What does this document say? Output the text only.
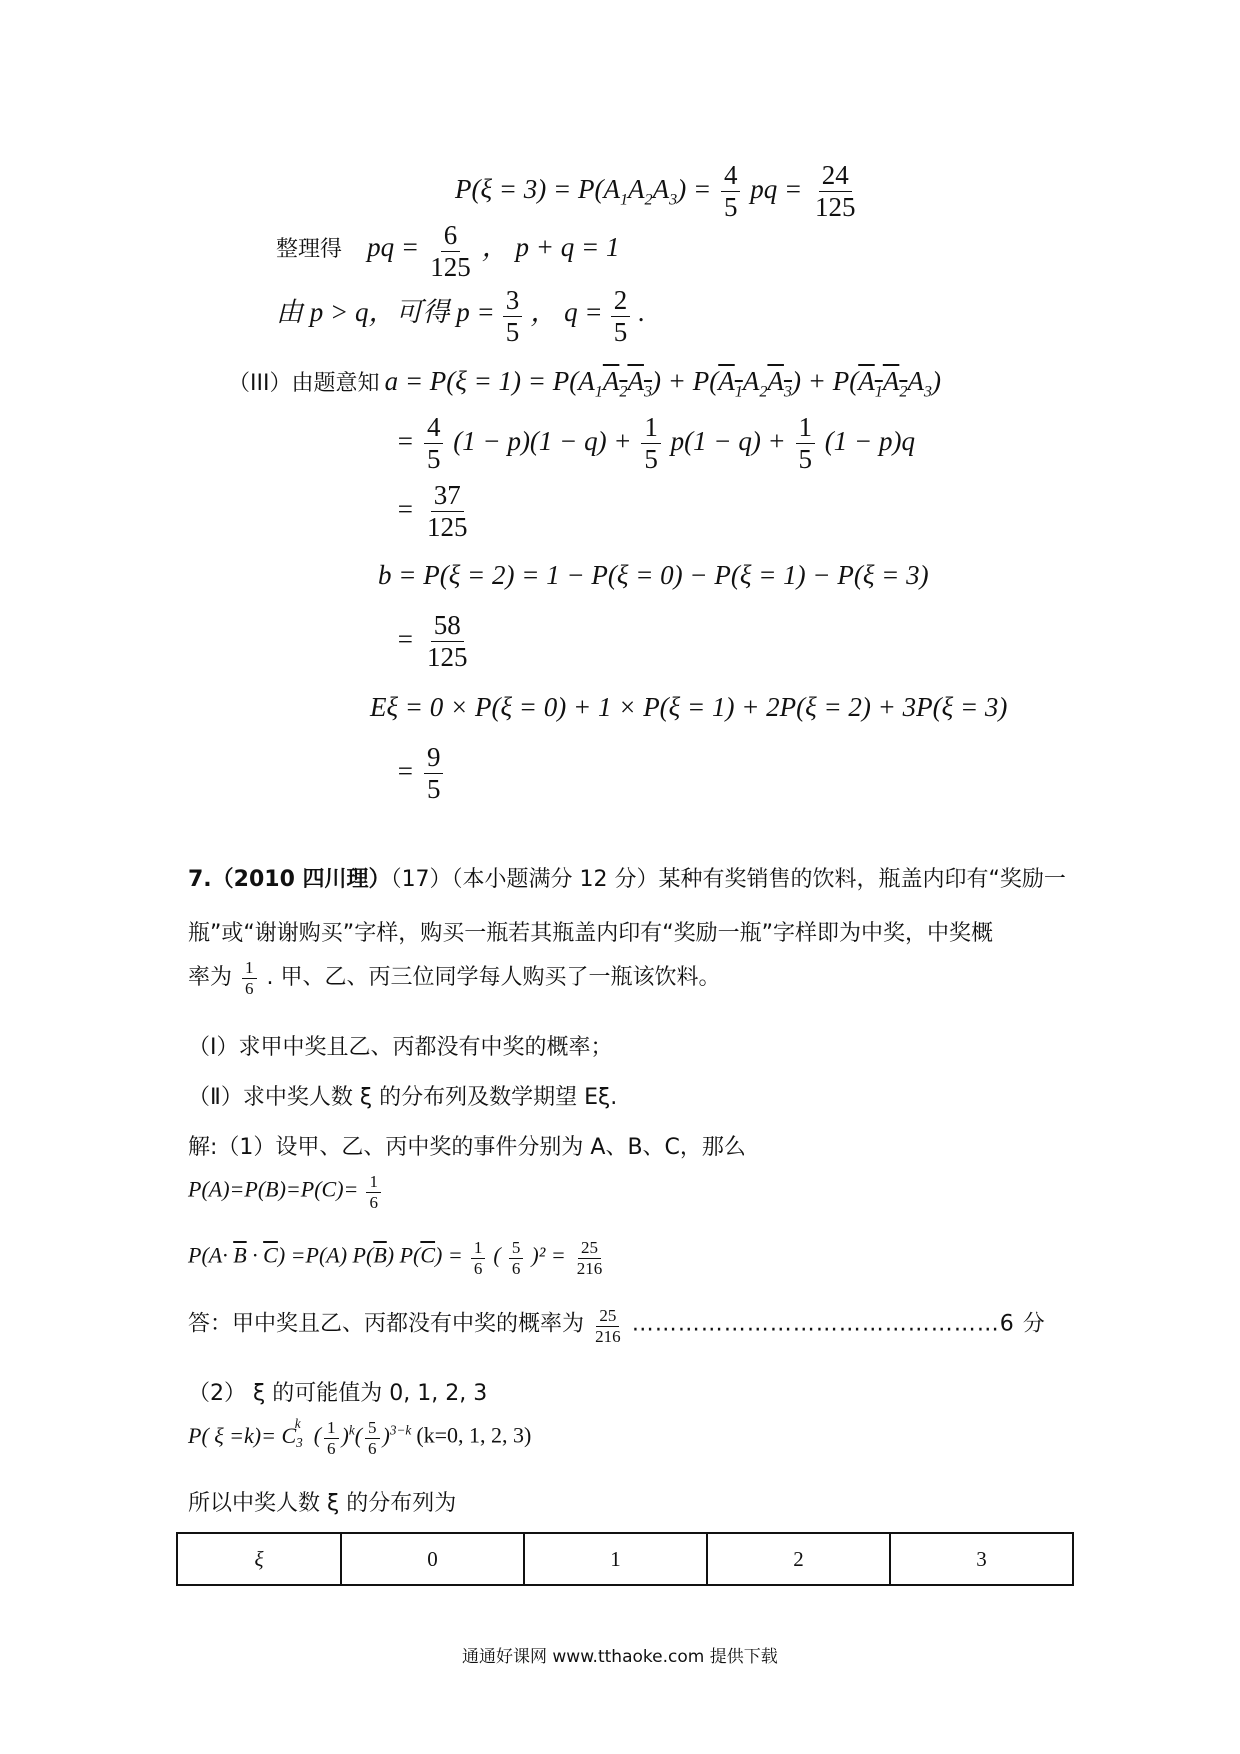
$P(\xi = 3) = P(A_1A_2A_3) = \frac{4}{5}$ pq = $\frac{24}{125}$
整理得 pq = $\frac{6}{125}$ ， p + q = 1
由 p > q，可得 $p = \frac{3}{5}$ ， $q = \frac{2}{5}$ .
（III）由题意知 $a = P(\xi = 1) = P(A_1A_2A_3) + P(A_1A_2A_3) + P(A_1A_2A_3)$
= $\frac{4}{5} (1 - p)(1 - q) + \frac{1}{5} p(1 - q) + \frac{1}{5} (1 - p)q$
= $\frac{37}{125}$
b = P(ξ = 2) = 1 − P(ξ = 0) − P(ξ = 1) − P(ξ = 3)
= $\frac{58}{125}$
Eξ = 0 × P(ξ = 0) + 1 × P(ξ = 1) + 2P(ξ = 2) + 3P(ξ = 3)
= $\frac{9}{5}$
7.（2010 四川理）（17）（本小题满分 12 分）某种有奖销售的饮料，瓶盖内印有“奖励一
瓶”或“谢谢购买”字样，购买一瓶若其瓶盖内印有“奖励一瓶”字样即为中奖，中奖概
率为 $\frac{1}{6}$ . 甲、乙、丙三位同学每人购买了一瓶该饮料。
（Ⅰ）求甲中奖且乙、丙都没有中奖的概率；
（Ⅱ）求中奖人数 ξ 的分布列及数学期望 Eξ.
解:（1）设甲、乙、丙中奖的事件分别为 A、B、C，那么
$P(A)=P(B)=P(C)= \frac{1}{6}$
$P(A\cdot \overline{B} \cdot \overline{C}) =P(A)$ $P(\overline{B}) P(\overline{C}) = \frac{1}{6}$ ( $\frac{5}{6} )^2 = \frac{25}{216}$
答：甲中奖且乙、丙都没有中奖的概率为 $\frac{25}{216}$ …………………………………………6 分
（2） ξ 的可能值为 0, 1, 2, 3
P( $\xi =k)= C_3^k$ ( $\frac{1}{6} )^k( \frac{5}{6} )^{3-k}$ (k=0, 1, 2, 3)
所以中奖人数 ξ 的分布列为
ξ	0	1	2	3
通通好课网 www.tthaoke.com 提供下载
